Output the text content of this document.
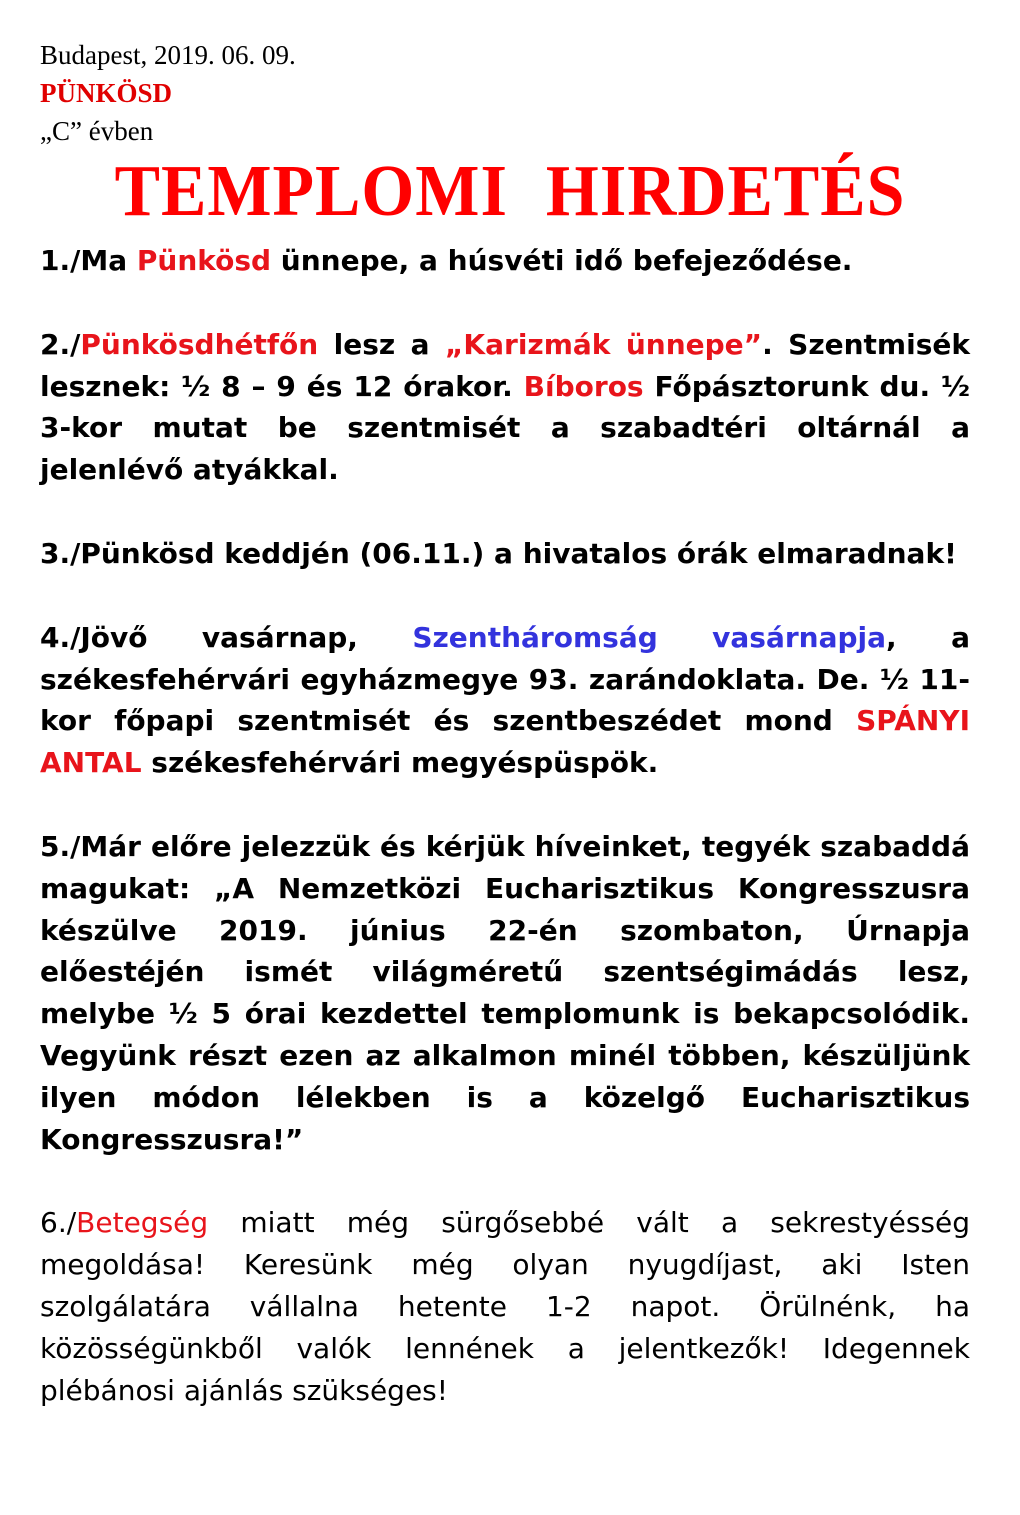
Budapest, 2019. 06. 09.
PÜNKÖSD
„C” évben
TEMPLOMI HIRDETÉS

1./Ma Pünkösd ünnepe, a húsvéti idő befejeződése.

2./Pünkösdhétfőn lesz a „Karizmák ünnepe”. Szentmisék lesznek: ½ 8 – 9 és 12 órakor. Bíboros Főpásztorunk du. ½ 3-kor mutat be szentmisét a szabadtéri oltárnál a jelenlévő atyákkal.

3./Pünkösd keddjén (06.11.) a hivatalos órák elmaradnak!

4./Jövő vasárnap, Szentháromság vasárnapja, a székesfehérvári egyházmegye 93. zarándoklata. De. ½ 11-kor főpapi szentmisét és szentbeszédet mond SPÁNYI ANTAL székesfehérvári megyéspüspök.

5./Már előre jelezzük és kérjük híveinket, tegyék szabaddá magukat: „A Nemzetközi Eucharisztikus Kongresszusra készülve 2019. június 22-én szombaton, Úrnapja előestéjén ismét világméretű szentségimádás lesz, melybe ½ 5 órai kezdettel templomunk is bekapcsolódik. Vegyünk részt ezen az alkalmon minél többen, készüljünk ilyen módon lélekben is a közelgő Eucharisztikus Kongresszusra!”

6./Betegség miatt még sürgősebbé vált a sekrestyésség megoldása! Keresünk még olyan nyugdíjast, aki Isten szolgálatára vállalna hetente 1-2 napot. Örülnénk, ha közösségünkből valók lennének a jelentkezők! Idegennek plébánosi ajánlás szükséges!
